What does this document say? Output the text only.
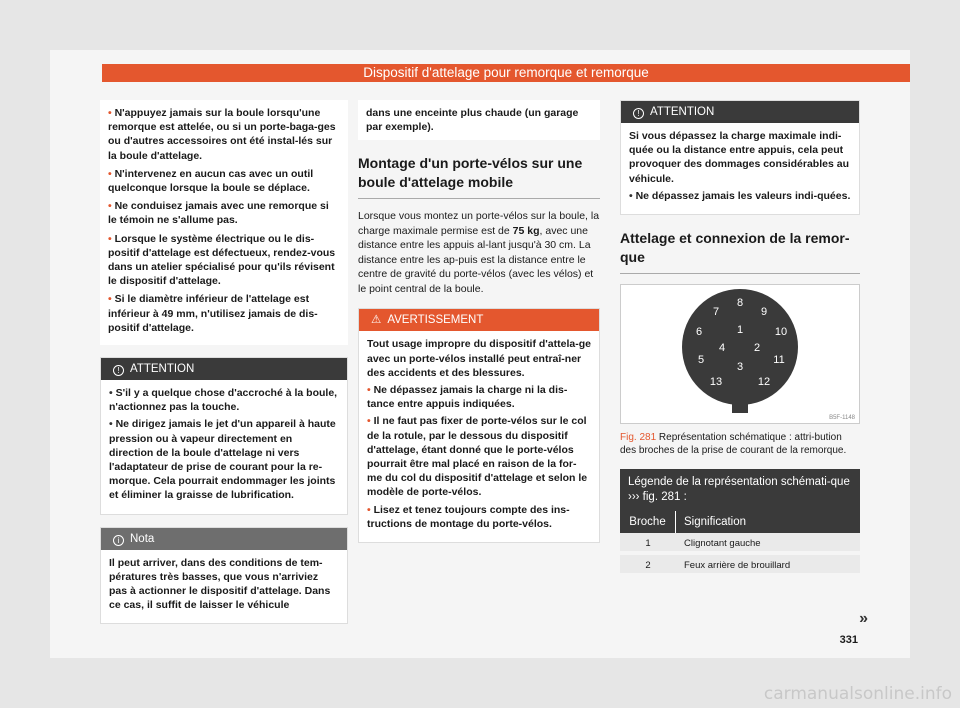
Dispositif d'attelage pour remorque et remorque

• N'appuyez jamais sur la boule lorsqu'une remorque est attelée, ou si un porte-baga-ges ou d'autres accessoires ont été instal-lés sur la boule d'attelage.

• N'intervenez en aucun cas avec un outil quelconque lorsque la boule se déplace.

• Ne conduisez jamais avec une remorque si le témoin ne s'allume pas.

• Lorsque le système électrique ou le dis-positif d'attelage est défectueux, rendez-vous dans un atelier spécialisé pour qu'ils révisent le dispositif d'attelage.

• Si le diamètre inférieur de l'attelage est inférieur à 49 mm, n'utilisez jamais de dis-positif d'attelage.

! ATTENTION

• S'il y a quelque chose d'accroché à la boule, n'actionnez pas la touche.

• Ne dirigez jamais le jet d'un appareil à haute pression ou à vapeur directement en direction de la boule d'attelage ni vers l'adaptateur de prise de courant pour la re-morque. Cela pourrait endommager les joints et éliminer la graisse de lubrification.

i Nota

Il peut arriver, dans des conditions de tem-pératures très basses, que vous n'arriviez pas à actionner le dispositif d'attelage. Dans ce cas, il suffit de laisser le véhicule

dans une enceinte plus chaude (un garage par exemple).
Montage d'un porte-vélos sur une boule d'attelage mobile

Lorsque vous montez un porte-vélos sur la boule, la charge maximale permise est de 75 kg, avec une distance entre les appuis al-lant jusqu'à 30 cm. La distance entre les ap-puis est la distance entre le centre de gravité du porte-vélos (avec les vélos) et le point central de la boule.

⚠ AVERTISSEMENT

Tout usage impropre du dispositif d'attela-ge avec un porte-vélos installé peut entraî-ner des accidents et des blessures.

• Ne dépassez jamais la charge ni la dis-tance entre appuis indiquées.

• Il ne faut pas fixer de porte-vélos sur le col de la rotule, par le dessous du dispositif d'attelage, étant donné que le porte-vélos pourrait être mal placé en raison de la for-me du col du dispositif d'attelage et selon le modèle de porte-vélos.

• Lisez et tenez toujours compte des ins-tructions de montage du porte-vélos.

! ATTENTION

Si vous dépassez la charge maximale indi-quée ou la distance entre appuis, cela peut provoquer des dommages considérables au véhicule.

• Ne dépassez jamais les valeurs indi-quées.

Attelage et connexion de la remor-que
1
2
3
4
5
6
7
8
9
10
11
12
13
B5F-1148

Fig. 281 Représentation schématique : attri-bution des broches de la prise de courant de la remorque.

Légende de la représentation schémati-que ››› fig. 281 :
Broche	Signification
1	Clignotant gauche
2	Feux arrière de brouillard
»
331
carmanualsonline.info
